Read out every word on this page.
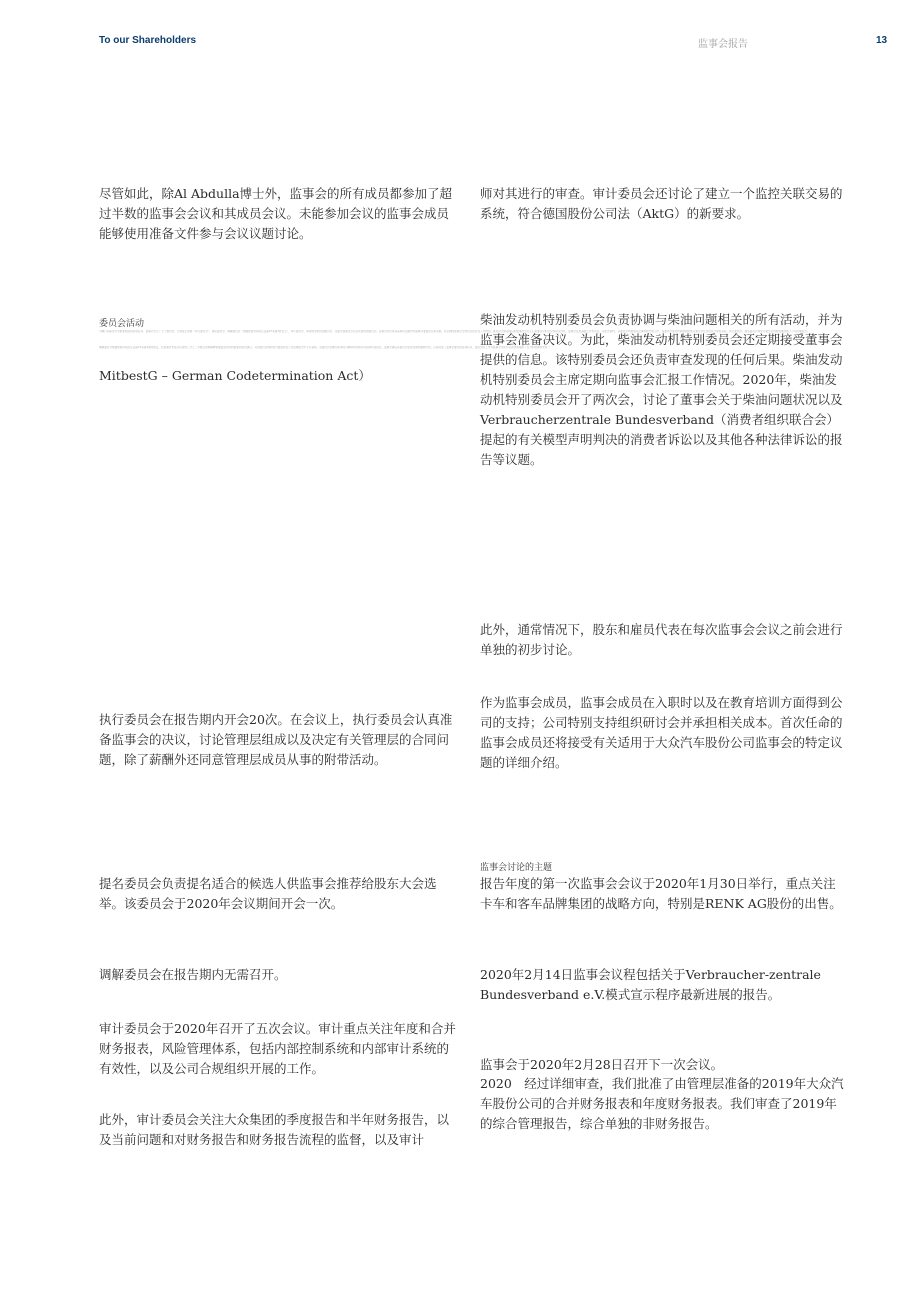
To our Shareholders	监事会报告	13

尽管如此，除Al Abdulla博士外，监事会的所有成员都参加了超过半数的监事会会议和其成员会议。未能参加会议的监事会成员能够使用准备文件参与会议议题讨论。

委员会活动

为履行其职责与分配和相关的各项任务，监事会设立了七个委员会，分别是主席团（执行委员会）、提名委员会、调解委员会（依据德国共同决定法第27条第3款设立）、审计委员会、柴油发动机特别委员会、关联交易委员会以及其他特别委员会。各委员会负责在其职权范围内为监事会准备决议和议题，并定期向监事会全体会议报告其工作情况。委员会主席在随后的监事会会议上汇报委员会的讨论和决议内容，监事会在此基础上作出决定。在报告期内，各委员会均按照其议事规则开展工作，各委员会成员均能够按照规定参与会议讨论并行使表决权。执行委员会、提名委员会和审计委员会的组成情况载于公司治理报告。

调解委员会根据德国共同决定法第31条第3款的规定，在监事会未能以所需的三分之二多数任命或解聘管理层成员时向监事会提出建议。其余委员会的职责与组成亦在公司治理报告中予以说明，各委员会在履行职责时可聘请外部顾问并获取所需信息。监事会确认各委员会在报告期内勤勉尽责，认真完成了监事会委托的各项任务，委员会的工作为监事会全体会议的决策提供了充分的依据和支持（

MitbestG – German Codetermination Act）

执行委员会在报告期内开会20次。在会议上，执行委员会认真准备监事会的决议，讨论管理层组成以及决定有关管理层的合同问题，除了薪酬外还同意管理层成员从事的附带活动。

提名委员会负责提名适合的候选人供监事会推荐给股东大会选举。该委员会于2020年会议期间开会一次。

调解委员会在报告期内无需召开。

审计委员会于2020年召开了五次会议。审计重点关注年度和合并财务报表，风险管理体系，包括内部控制系统和内部审计系统的有效性，以及公司合规组织开展的工作。

此外，审计委员会关注大众集团的季度报告和半年财务报告，以及当前问题和对财务报告和财务报告流程的监督，以及审计

师对其进行的审查。审计委员会还讨论了建立一个监控关联交易的系统，符合德国股份公司法（AktG）的新要求。

柴油发动机特别委员会负责协调与柴油问题相关的所有活动，并为监事会准备决议。为此，柴油发动机特别委员会还定期接受董事会提供的信息。该特别委员会还负责审查发现的任何后果。柴油发动机特别委员会主席定期向监事会汇报工作情况。2020年，柴油发动机特别委员会开了两次会，讨论了董事会关于柴油问题状况以及Verbraucherzentrale Bundesverband（消费者组织联合会）提起的有关模型声明判决的消费者诉讼以及其他各种法律诉讼的报告等议题。

此外，通常情况下，股东和雇员代表在每次监事会会议之前会进行单独的初步讨论。

作为监事会成员，监事会成员在入职时以及在教育培训方面得到公司的支持；公司特别支持组织研讨会并承担相关成本。首次任命的监事会成员还将接受有关适用于大众汽车股份公司监事会的特定议题的详细介绍。

监事会讨论的主题

报告年度的第一次监事会会议于2020年1月30日举行，重点关注卡车和客车品牌集团的战略方向，特别是RENK AG股份的出售。

2020年2月14日监事会议程包括关于Verbraucher-zentrale Bundesverband e.V.模式宣示程序最新进展的报告。

监事会于2020年2月28日召开下一次会议。

2020　经过详细审查，我们批准了由管理层准备的2019年大众汽车股份公司的合并财务报表和年度财务报表。我们审查了2019年的综合管理报告，综合单独的非财务报告。
